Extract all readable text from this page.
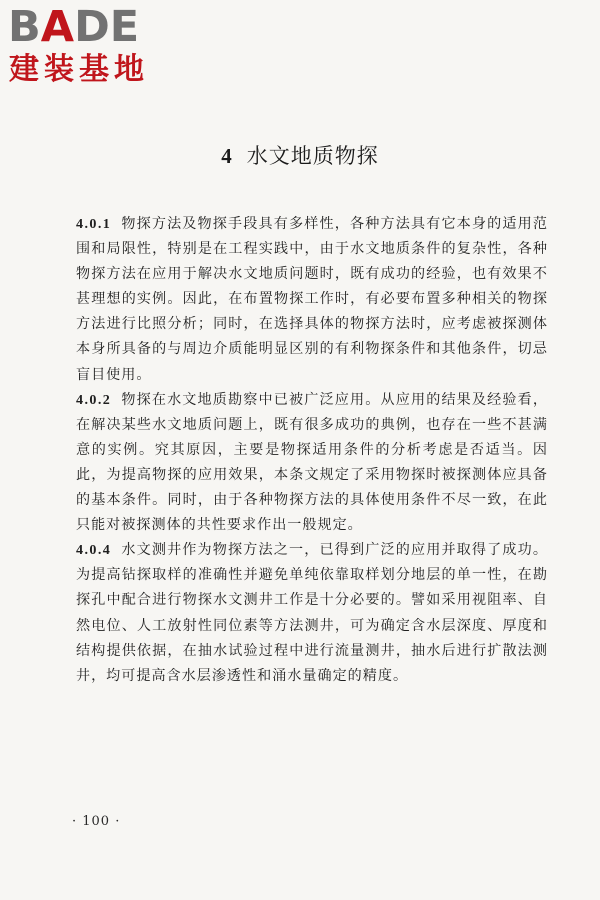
BADE
建装基地
4 水文地质物探

4.0.1 物探方法及物探手段具有多样性，各种方法具有它本身的适用范围和局限性，特别是在工程实践中，由于水文地质条件的复杂性，各种物探方法在应用于解决水文地质问题时，既有成功的经验，也有效果不甚理想的实例。因此，在布置物探工作时，有必要布置多种相关的物探方法进行比照分析；同时，在选择具体的物探方法时，应考虑被探测体本身所具备的与周边介质能明显区别的有利物探条件和其他条件，切忌盲目使用。

4.0.2 物探在水文地质勘察中已被广泛应用。从应用的结果及经验看，在解决某些水文地质问题上，既有很多成功的典例，也存在一些不甚满意的实例。究其原因，主要是物探适用条件的分析考虑是否适当。因此，为提高物探的应用效果，本条文规定了采用物探时被探测体应具备的基本条件。同时，由于各种物探方法的具体使用条件不尽一致，在此只能对被探测体的共性要求作出一般规定。

4.0.4 水文测井作为物探方法之一，已得到广泛的应用并取得了成功。为提高钻探取样的准确性并避免单纯依靠取样划分地层的单一性，在勘探孔中配合进行物探水文测井工作是十分必要的。譬如采用视阻率、自然电位、人工放射性同位素等方法测井，可为确定含水层深度、厚度和结构提供依据，在抽水试验过程中进行流量测井，抽水后进行扩散法测井，均可提高含水层渗透性和涌水量确定的精度。

· 100 ·
